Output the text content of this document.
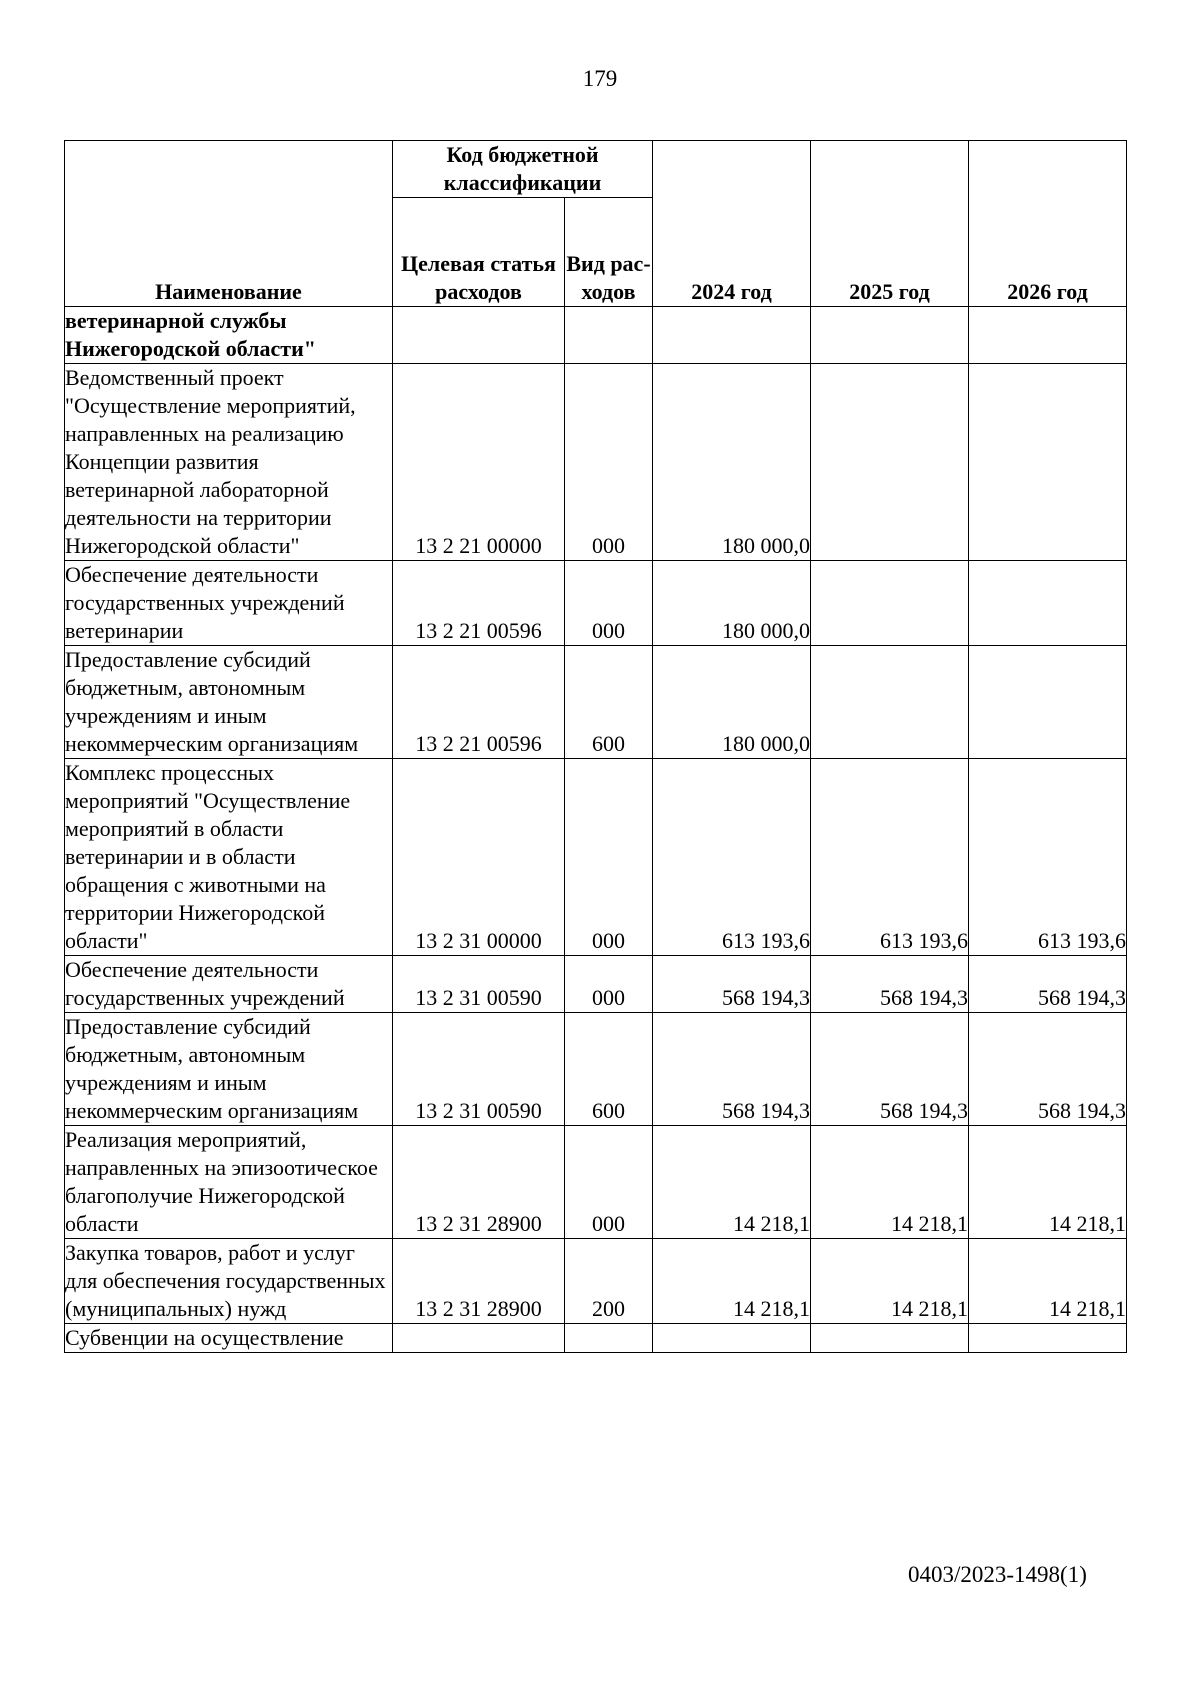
179
Наименование	Код бюджетной классификации		2024 год	2025 год	2026 год
	Целевая статья расходов	Вид рас-ходов			
ветеринарной службы Нижегородской области"					
Ведомственный проект "Осуществление мероприятий, направленных на реализацию Концепции развития ветеринарной лабораторной деятельности на территории Нижегородской области"	13 2 21 00000	000	180 000,0		
Обеспечение деятельности государственных учреждений ветеринарии	13 2 21 00596	000	180 000,0		
Предоставление субсидий бюджетным, автономным учреждениям и иным некоммерческим организациям	13 2 21 00596	600	180 000,0		
Комплекс процессных мероприятий "Осуществление мероприятий в области ветеринарии и в области обращения с животными на территории Нижегородской области"	13 2 31 00000	000	613 193,6	613 193,6	613 193,6
Обеспечение деятельности государственных учреждений	13 2 31 00590	000	568 194,3	568 194,3	568 194,3
Предоставление субсидий бюджетным, автономным учреждениям и иным некоммерческим организациям	13 2 31 00590	600	568 194,3	568 194,3	568 194,3
Реализация мероприятий, направленных на эпизоотическое благополучие Нижегородской области	13 2 31 28900	000	14 218,1	14 218,1	14 218,1
Закупка товаров, работ и услуг для обеспечения государственных (муниципальных) нужд	13 2 31 28900	200	14 218,1	14 218,1	14 218,1
Субвенции на осуществление					
0403/2023-1498(1)
